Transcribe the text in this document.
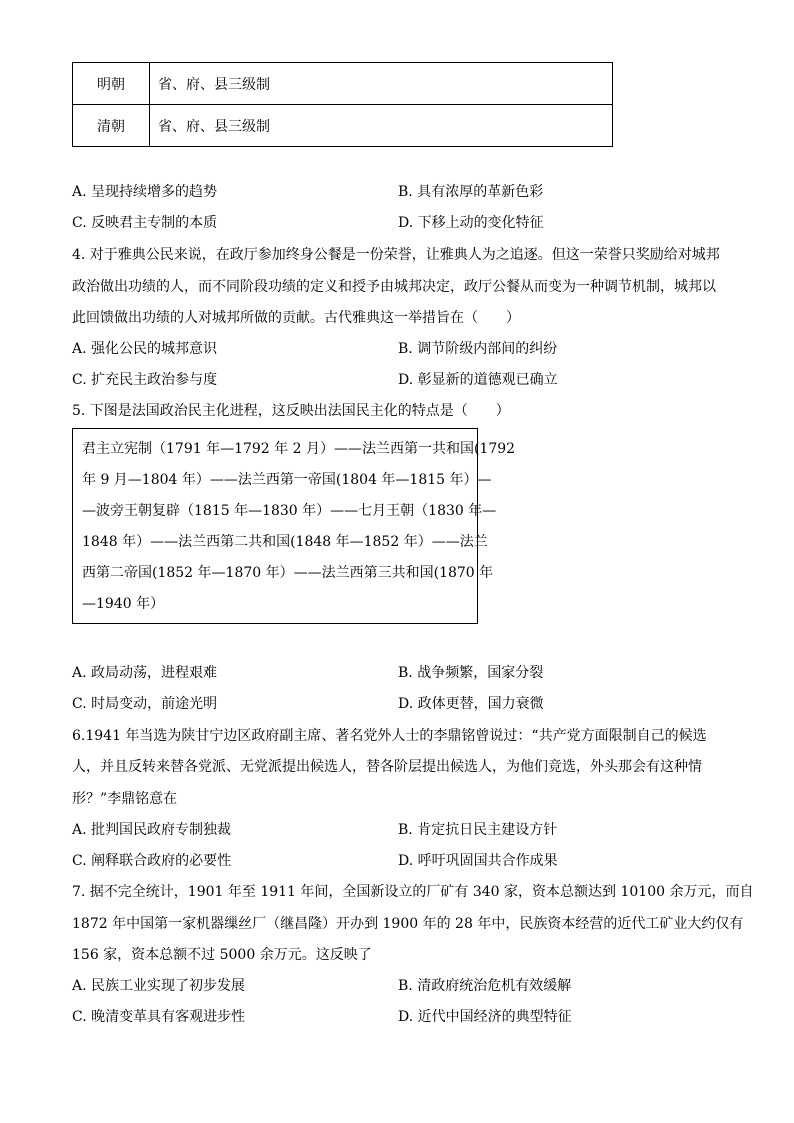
明朝	省、府、县三级制
清朝	省、府、县三级制
A. 呈现持续增多的趋势	B. 具有浓厚的革新色彩
C. 反映君主专制的本质	D. 下移上动的变化特征
4. 对于雅典公民来说，在政厅参加终身公餐是一份荣誉，让雅典人为之追逐。但这一荣誉只奖励给对城邦
政治做出功绩的人，而不同阶段功绩的定义和授予由城邦决定，政厅公餐从而变为一种调节机制，城邦以
此回馈做出功绩的人对城邦所做的贡献。古代雅典这一举措旨在（　　）
A. 强化公民的城邦意识	B. 调节阶级内部间的纠纷
C. 扩充民主政治参与度	D. 彰显新的道德观已确立
5. 下图是法国政治民主化进程，这反映出法国民主化的特点是（　　）
君主立宪制（1791 年—1792 年 2 月）——法兰西第一共和国(1792
年 9 月—1804 年）——法兰西第一帝国(1804 年—1815 年）—
—波旁王朝复辟（1815 年—1830 年）——七月王朝（1830 年—
1848 年）——法兰西第二共和国(1848 年—1852 年）——法兰
西第二帝国(1852 年—1870 年）——法兰西第三共和国(1870 年
—1940 年）
A. 政局动荡，进程艰难	B. 战争频繁，国家分裂
C. 时局变动，前途光明	D. 政体更替，国力衰微
6.1941 年当选为陕甘宁边区政府副主席、著名党外人士的李鼎铭曾说过：“共产党方面限制自己的候选
人，并且反转来替各党派、无党派提出候选人，替各阶层提出候选人，为他们竞选，外头那会有这种情
形？”李鼎铭意在
A. 批判国民政府专制独裁	B. 肯定抗日民主建设方针
C. 阐释联合政府的必要性	D. 呼吁巩固国共合作成果
7. 据不完全统计，1901 年至 1911 年间，全国新设立的厂矿有 340 家，资本总额达到 10100 余万元，而自
1872 年中国第一家机器缫丝厂（继昌隆）开办到 1900 年的 28 年中，民族资本经营的近代工矿业大约仅有
156 家，资本总额不过 5000 余万元。这反映了
A. 民族工业实现了初步发展	B. 清政府统治危机有效缓解
C. 晚清变革具有客观进步性	D. 近代中国经济的典型特征
